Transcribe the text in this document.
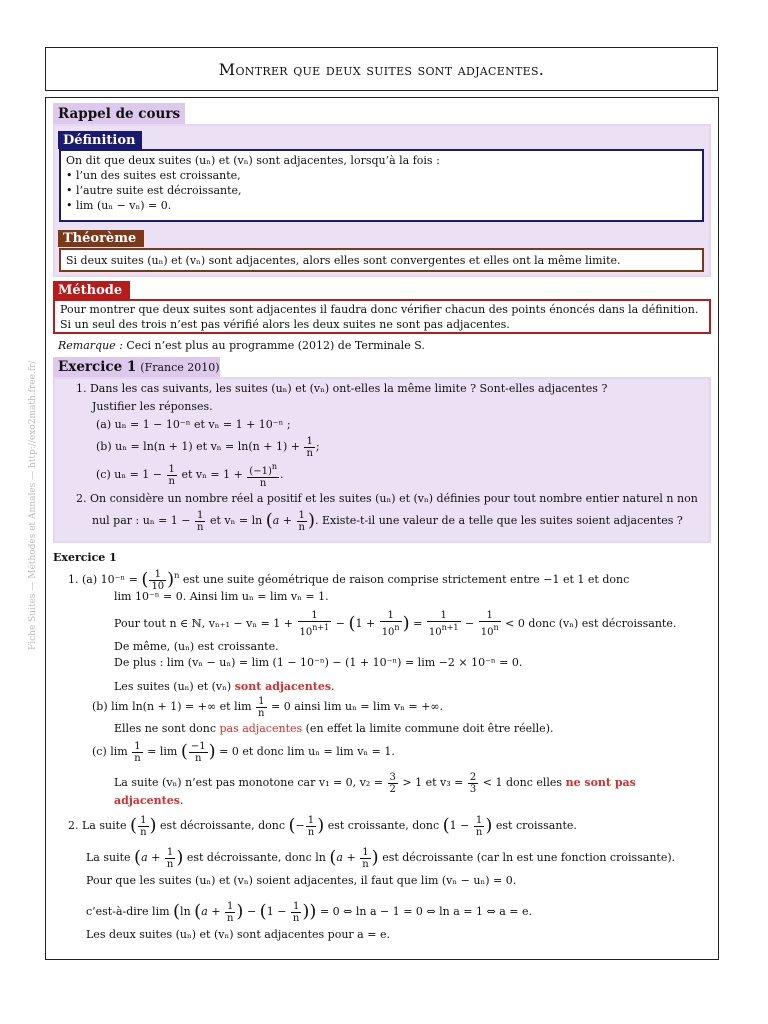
Montrer que deux suites sont adjacentes.
Fiche Suites — Méthodes et Annales — http://exo2math.free.fr/
Rappel de cours
Définition
On dit que deux suites (uₙ) et (vₙ) sont adjacentes, lorsqu’à la fois :
• l’un des suites est croissante,
• l’autre suite est décroissante,
• lim (uₙ − vₙ) = 0.
Théorème
Si deux suites (uₙ) et (vₙ) sont adjacentes, alors elles sont convergentes et elles ont la même limite.
Méthode
Pour montrer que deux suites sont adjacentes il faudra donc vérifier chacun des points énoncés dans la définition.
Si un seul des trois n’est pas vérifié alors les deux suites ne sont pas adjacentes.
Remarque : Ceci n’est plus au programme (2012) de Terminale S.
Exercice 1 (France 2010)
1. Dans les cas suivants, les suites (uₙ) et (vₙ) ont-elles la même limite ? Sont-elles adjacentes ?
Justifier les réponses.
(a) uₙ = 1 − 10⁻ⁿ et vₙ = 1 + 10⁻ⁿ ;
(b) uₙ = ln(n + 1) et $v_n = \ln(n + 1) + \frac{1}{n}$ ;
(c) $u_n = 1 - \frac{1}{n}$ et $v_n = 1 + \frac{(-1)^n}{n}$ .
2. On considère un nombre réel a positif et les suites (uₙ) et (vₙ) définies pour tout nombre entier naturel n non
nul par : $u_n = 1 - \frac{1}{n}$ et $v_n = \ln (a + \frac{1}{n}$ ). Existe-t-il une valeur de a telle que les suites soient adjacentes ?
Exercice 1
1. (a) 10⁻ⁿ = ( $\frac{1}{10} )^n$ est une suite géométrique de raison comprise strictement entre −1 et 1 et donc
lim 10⁻ⁿ = 0. Ainsi lim uₙ = lim vₙ = 1.
Pour tout n ∈ ℕ, $v_{n+1} - v_n = 1 + \frac{1}{10^{n+1}} - (1 + \frac{1}{10^n}$ ) = $\frac{1}{10^{n+1}} - \frac{1}{10^n} < 0$ donc (vₙ) est décroissante.
De même, (uₙ) est croissante.
De plus : lim (vₙ − uₙ) = lim (1 − 10⁻ⁿ) − (1 + 10⁻ⁿ) = lim −2 × 10⁻ⁿ = 0.
Les suites (uₙ) et (vₙ) sont adjacentes.
(b) lim ln(n + 1) = +∞ et $\lim \frac{1}{n} = 0$ ainsi lim uₙ = lim vₙ = +∞.
Elles ne sont donc pas adjacentes (en effet la limite commune doit être réelle).
(c) $\lim \frac{1}{n} = \lim$ ( $\frac{-1}{n}$ ) = 0 et donc lim uₙ = lim vₙ = 1.
La suite (vₙ) n’est pas monotone car v₁ = 0, $v_2 = \frac{3}{2} > 1$ et $v_3 = \frac{2}{3} < 1$ donc elles ne sont pas
adjacentes.
2. La suite ( $\frac{1}{n}$ ) est décroissante, donc (− $\frac{1}{n}$ ) est croissante, donc ($1 - \frac{1}{n}$ ) est croissante.
La suite ($a + \frac{1}{n}$ ) est décroissante, donc $\ln (a + \frac{1}{n}$ ) est décroissante (car ln est une fonction croissante).
Pour que les suites (uₙ) et (vₙ) soient adjacentes, il faut que lim (vₙ − uₙ) = 0.
c’est-à-dire lim (ln ($a + \frac{1}{n}$ ) − ($1 - \frac{1}{n}$ )) = 0 ⇔ ln a − 1 = 0 ⇔ ln a = 1 ⇔ a = e.
Les deux suites (uₙ) et (vₙ) sont adjacentes pour a = e.
